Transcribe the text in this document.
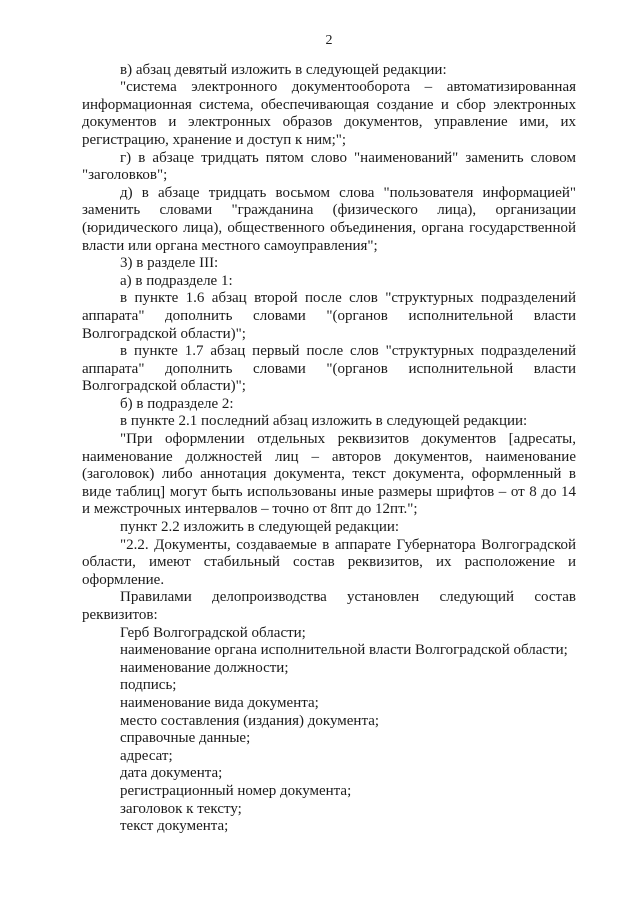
2

в) абзац девятый изложить в следующей редакции:

"система электронного документооборота – автоматизированная информационная система, обеспечивающая создание и сбор электронных документов и электронных образов документов, управление ими, их регистрацию, хранение и доступ к ним;";

г) в абзаце тридцать пятом слово "наименований" заменить словом "заголовков";

д) в абзаце тридцать восьмом слова "пользователя информацией" заменить словами "гражданина (физического лица), организации (юридического лица), общественного объединения, органа государственной власти или органа местного самоуправления";

3) в разделе III:

а) в подразделе 1:

в пункте 1.6 абзац второй после слов "структурных подразделений аппарата" дополнить словами "(органов исполнительной власти Волгоградской области)";

в пункте 1.7 абзац первый после слов "структурных подразделений аппарата" дополнить словами "(органов исполнительной власти Волгоградской области)";

б) в подразделе 2:

в пункте 2.1 последний абзац изложить в следующей редакции:

"При оформлении отдельных реквизитов документов [адресаты, наименование должностей лиц – авторов документов, наименование (заголовок) либо аннотация документа, текст документа, оформленный в виде таблиц] могут быть использованы иные размеры шрифтов – от 8 до 14 и межстрочных интервалов – точно от 8пт до 12пт.";

пункт 2.2 изложить в следующей редакции:

"2.2. Документы, создаваемые в аппарате Губернатора Волгоградской области, имеют стабильный состав реквизитов, их расположение и оформление.

Правилами делопроизводства установлен следующий состав реквизитов:

Герб Волгоградской области;

наименование органа исполнительной власти Волгоградской области;

наименование должности;

подпись;

наименование вида документа;

место составления (издания) документа;

справочные данные;

адресат;

дата документа;

регистрационный номер документа;

заголовок к тексту;

текст документа;
